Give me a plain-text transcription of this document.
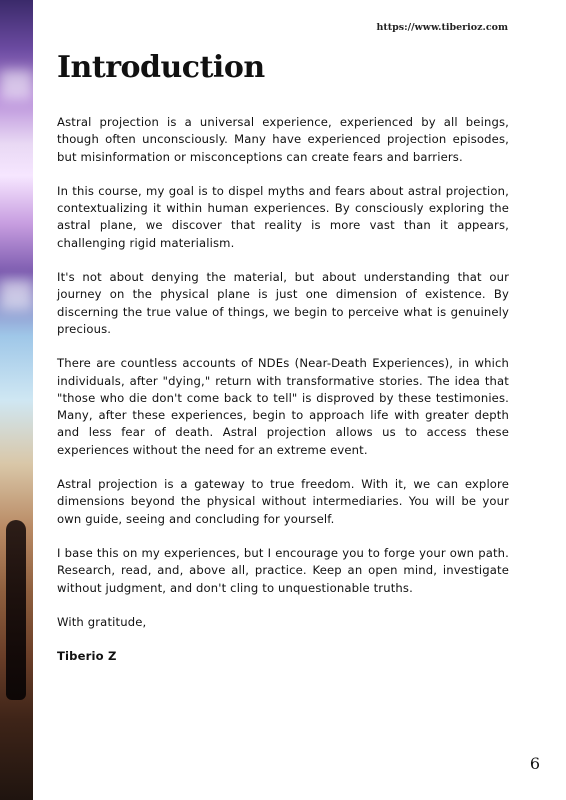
https://www.tiberioz.com
Introduction

Astral projection is a universal experience, experienced by all beings, though often unconsciously. Many have experienced projection episodes, but misinformation or misconceptions can create fears and barriers.

In this course, my goal is to dispel myths and fears about astral projection, contextualizing it within human experiences. By consciously exploring the astral plane, we discover that reality is more vast than it appears, challenging rigid materialism.

It's not about denying the material, but about understanding that our journey on the physical plane is just one dimension of existence. By discerning the true value of things, we begin to perceive what is genuinely precious.

There are countless accounts of NDEs (Near-Death Experiences), in which individuals, after "dying," return with transformative stories. The idea that "those who die don't come back to tell" is disproved by these testimonies. Many, after these experiences, begin to approach life with greater depth and less fear of death. Astral projection allows us to access these experiences without the need for an extreme event.

Astral projection is a gateway to true freedom. With it, we can explore dimensions beyond the physical without intermediaries. You will be your own guide, seeing and concluding for yourself.

I base this on my experiences, but I encourage you to forge your own path. Research, read, and, above all, practice. Keep an open mind, investigate without judgment, and don't cling to unquestionable truths.

With gratitude,

Tiberio Z

6
